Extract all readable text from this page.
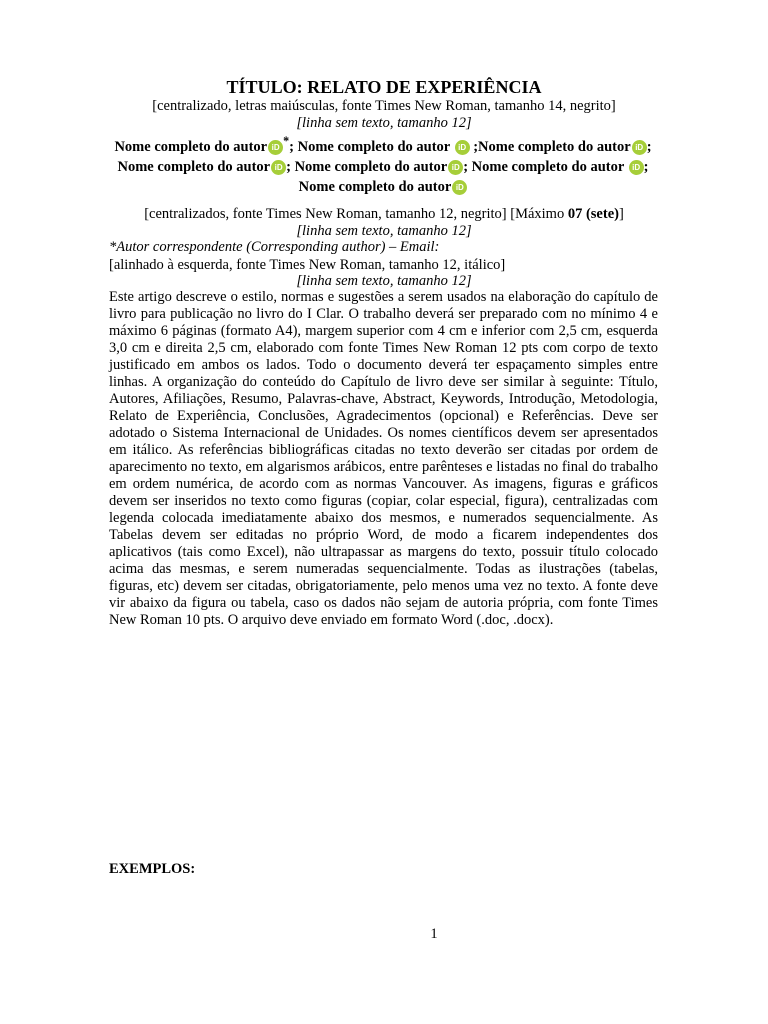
TÍTULO: RELATO DE EXPERIÊNCIA
[centralizado, letras maiúsculas, fonte Times New Roman, tamanho 14, negrito]
[linha sem texto, tamanho 12]
Nome completo do autor iD *; Nome completo do autor iD ;Nome completo do autor iD ; Nome completo do autor iD ; Nome completo do autor iD ; Nome completo do autor iD ; Nome completo do autor iD
[centralizados, fonte Times New Roman, tamanho 12, negrito] [Máximo 07 (sete)]
[linha sem texto, tamanho 12]
*Autor correspondente (Corresponding author) – Email:
[alinhado à esquerda, fonte Times New Roman, tamanho 12, itálico]
[linha sem texto, tamanho 12]
Este artigo descreve o estilo, normas e sugestões a serem usados na elaboração do capítulo de livro para publicação no livro do I Clar. O trabalho deverá ser preparado com no mínimo 4 e máximo 6 páginas (formato A4), margem superior com 4 cm e inferior com 2,5 cm, esquerda 3,0 cm e direita 2,5 cm, elaborado com fonte Times New Roman 12 pts com corpo de texto justificado em ambos os lados. Todo o documento deverá ter espaçamento simples entre linhas. A organização do conteúdo do Capítulo de livro deve ser similar à seguinte: Título, Autores, Afiliações, Resumo, Palavras-chave, Abstract, Keywords, Introdução, Metodologia, Relato de Experiência, Conclusões, Agradecimentos (opcional) e Referências. Deve ser adotado o Sistema Internacional de Unidades. Os nomes científicos devem ser apresentados em itálico. As referências bibliográficas citadas no texto deverão ser citadas por ordem de aparecimento no texto, em algarismos arábicos, entre parênteses e listadas no final do trabalho em ordem numérica, de acordo com as normas Vancouver. As imagens, figuras e gráficos devem ser inseridos no texto como figuras (copiar, colar especial, figura), centralizadas com legenda colocada imediatamente abaixo dos mesmos, e numerados sequencialmente. As Tabelas devem ser editadas no próprio Word, de modo a ficarem independentes dos aplicativos (tais como Excel), não ultrapassar as margens do texto, possuir título colocado acima das mesmas, e serem numeradas sequencialmente. Todas as ilustrações (tabelas, figuras, etc) devem ser citadas, obrigatoriamente, pelo menos uma vez no texto. A fonte deve vir abaixo da figura ou tabela, caso os dados não sejam de autoria própria, com fonte Times New Roman 10 pts. O arquivo deve enviado em formato Word (.doc, .docx).
EXEMPLOS:
1
